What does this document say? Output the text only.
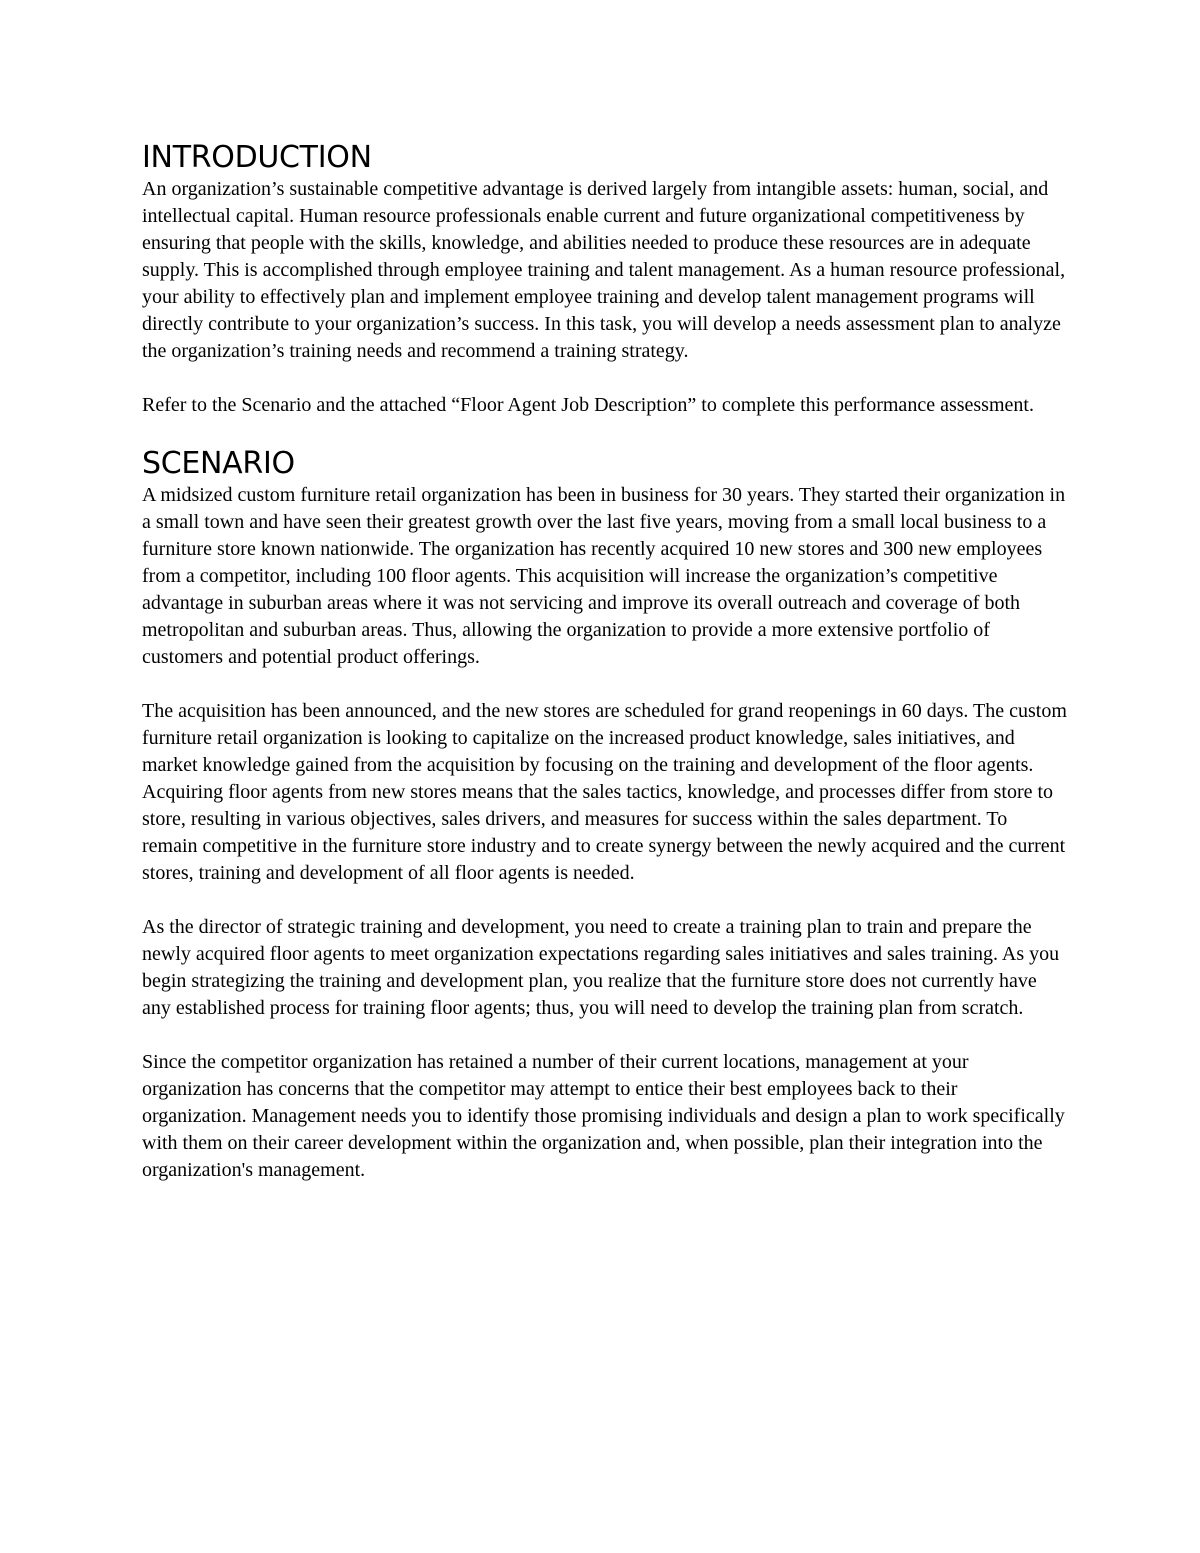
INTRODUCTION

An organization’s sustainable competitive advantage is derived largely from intangible assets: human, social, and intellectual capital. Human resource professionals enable current and future organizational competitiveness by ensuring that people with the skills, knowledge, and abilities needed to produce these resources are in adequate supply. This is accomplished through employee training and talent management. As a human resource professional, your ability to effectively plan and implement employee training and develop talent management programs will directly contribute to your organization’s success. In this task, you will develop a needs assessment plan to analyze the organization’s training needs and recommend a training strategy.

Refer to the Scenario and the attached “Floor Agent Job Description” to complete this performance assessment.

SCENARIO

A midsized custom furniture retail organization has been in business for 30 years. They started their organization in a small town and have seen their greatest growth over the last five years, moving from a small local business to a furniture store known nationwide. The organization has recently acquired 10 new stores and 300 new employees from a competitor, including 100 floor agents. This acquisition will increase the organization’s competitive advantage in suburban areas where it was not servicing and improve its overall outreach and coverage of both metropolitan and suburban areas. Thus, allowing the organization to provide a more extensive portfolio of customers and potential product offerings.

The acquisition has been announced, and the new stores are scheduled for grand reopenings in 60 days. The custom furniture retail organization is looking to capitalize on the increased product knowledge, sales initiatives, and market knowledge gained from the acquisition by focusing on the training and development of the floor agents. Acquiring floor agents from new stores means that the sales tactics, knowledge, and processes differ from store to store, resulting in various objectives, sales drivers, and measures for success within the sales department. To remain competitive in the furniture store industry and to create synergy between the newly acquired and the current stores, training and development of all floor agents is needed.

As the director of strategic training and development, you need to create a training plan to train and prepare the newly acquired floor agents to meet organization expectations regarding sales initiatives and sales training. As you begin strategizing the training and development plan, you realize that the furniture store does not currently have any established process for training floor agents; thus, you will need to develop the training plan from scratch.

Since the competitor organization has retained a number of their current locations, management at your organization has concerns that the competitor may attempt to entice their best employees back to their organization. Management needs you to identify those promising individuals and design a plan to work specifically with them on their career development within the organization and, when possible, plan their integration into the organization's management.
